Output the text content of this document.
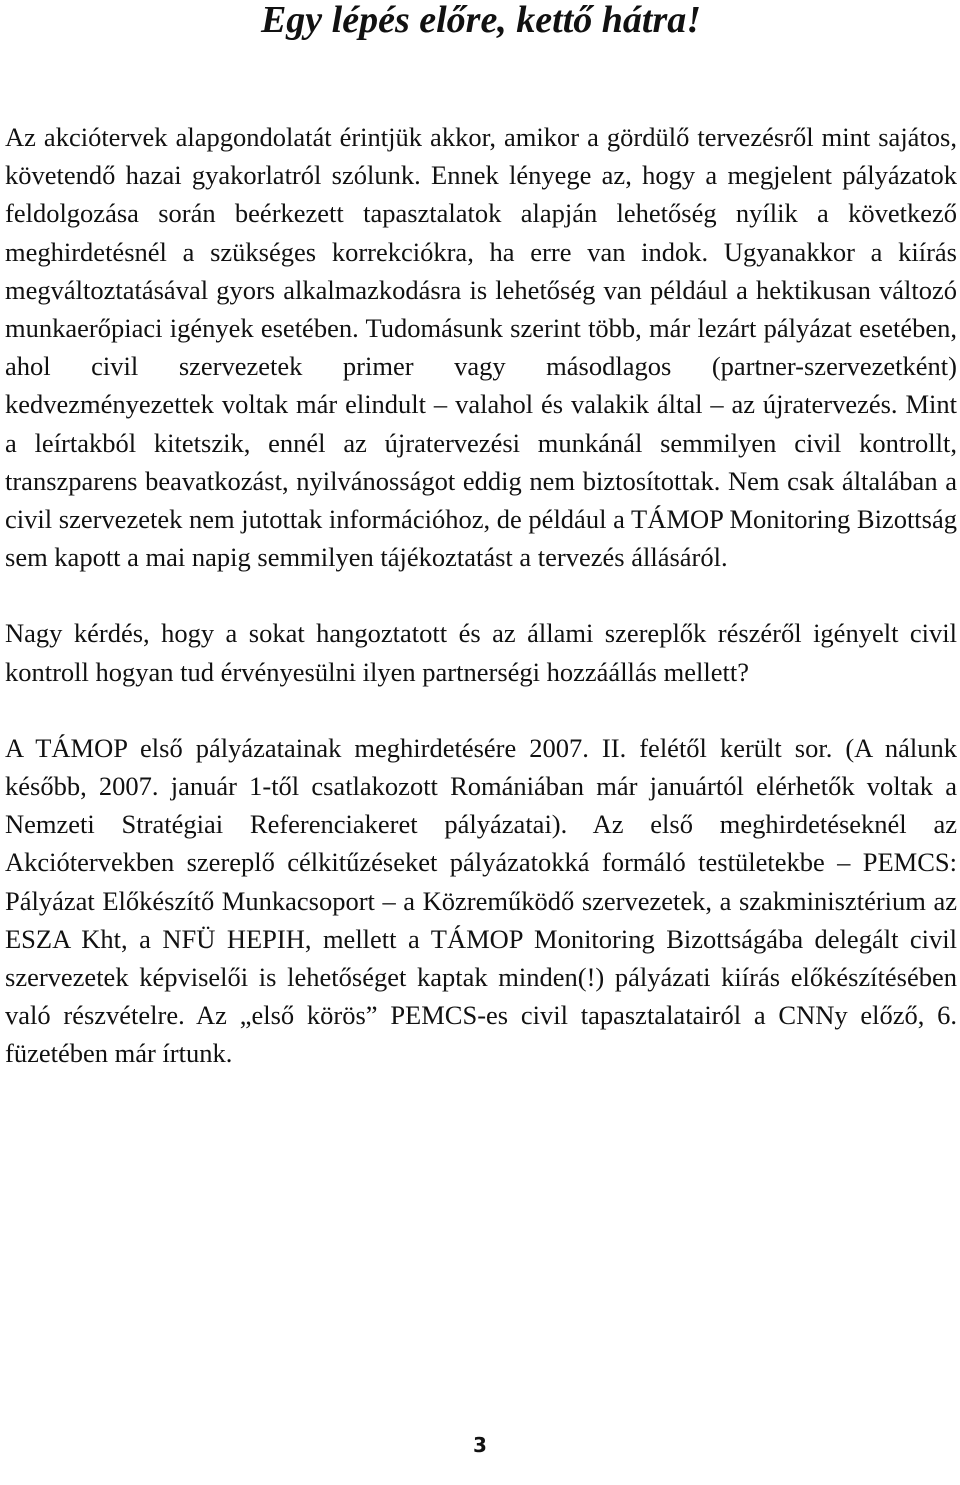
Egy lépés előre, kettő hátra!

Az akciótervek alapgondolatát érintjük akkor, amikor a gördülő tervezésről mint sajátos, követendő hazai gyakorlatról szólunk. Ennek lényege az, hogy a megjelent pályázatok feldolgozása során beérkezett tapasztalatok alapján lehetőség nyílik a következő meghirdetésnél a szükséges korrekciókra, ha erre van indok. Ugyanakkor a kiírás megváltoztatásával gyors alkalmazkodásra is lehetőség van például a hektikusan változó munkaerőpiaci igények esetében. Tudomásunk szerint több, már lezárt pályázat esetében, ahol civil szervezetek primer vagy másodlagos (partner-szervezetként) kedvezményezettek voltak már elindult – valahol és valakik által – az újratervezés. Mint a leírtakból kitetszik, ennél az újratervezési munkánál semmilyen civil kontrollt, transzparens beavatkozást, nyilvánosságot eddig nem biztosítottak. Nem csak általában a civil szervezetek nem jutottak információhoz, de például a TÁMOP Monitoring Bizottság sem kapott a mai napig semmilyen tájékoztatást a tervezés állásáról.

Nagy kérdés, hogy a sokat hangoztatott és az állami szereplők részéről igényelt civil kontroll hogyan tud érvényesülni ilyen partnerségi hozzáállás mellett?

A TÁMOP első pályázatainak meghirdetésére 2007. II. felétől került sor. (A nálunk később, 2007. január 1-től csatlakozott Romániában már januártól elérhetők voltak a Nemzeti Stratégiai Referenciakeret pályázatai). Az első meghirdetéseknél az Akciótervekben szereplő célkitűzéseket pályázatokká formáló testületekbe – PEMCS: Pályázat Előkészítő Munkacsoport – a Közreműködő szervezetek, a szakminisztérium az ESZA Kht, a NFÜ HEPIH, mellett a TÁMOP Monitoring Bizottságába delegált civil szervezetek képviselői is lehetőséget kaptak minden(!) pályázati kiírás előkészítésében való részvételre. Az „első körös” PEMCS-es civil tapasztalatairól a CNNy előző, 6. füzetében már írtunk.

3
